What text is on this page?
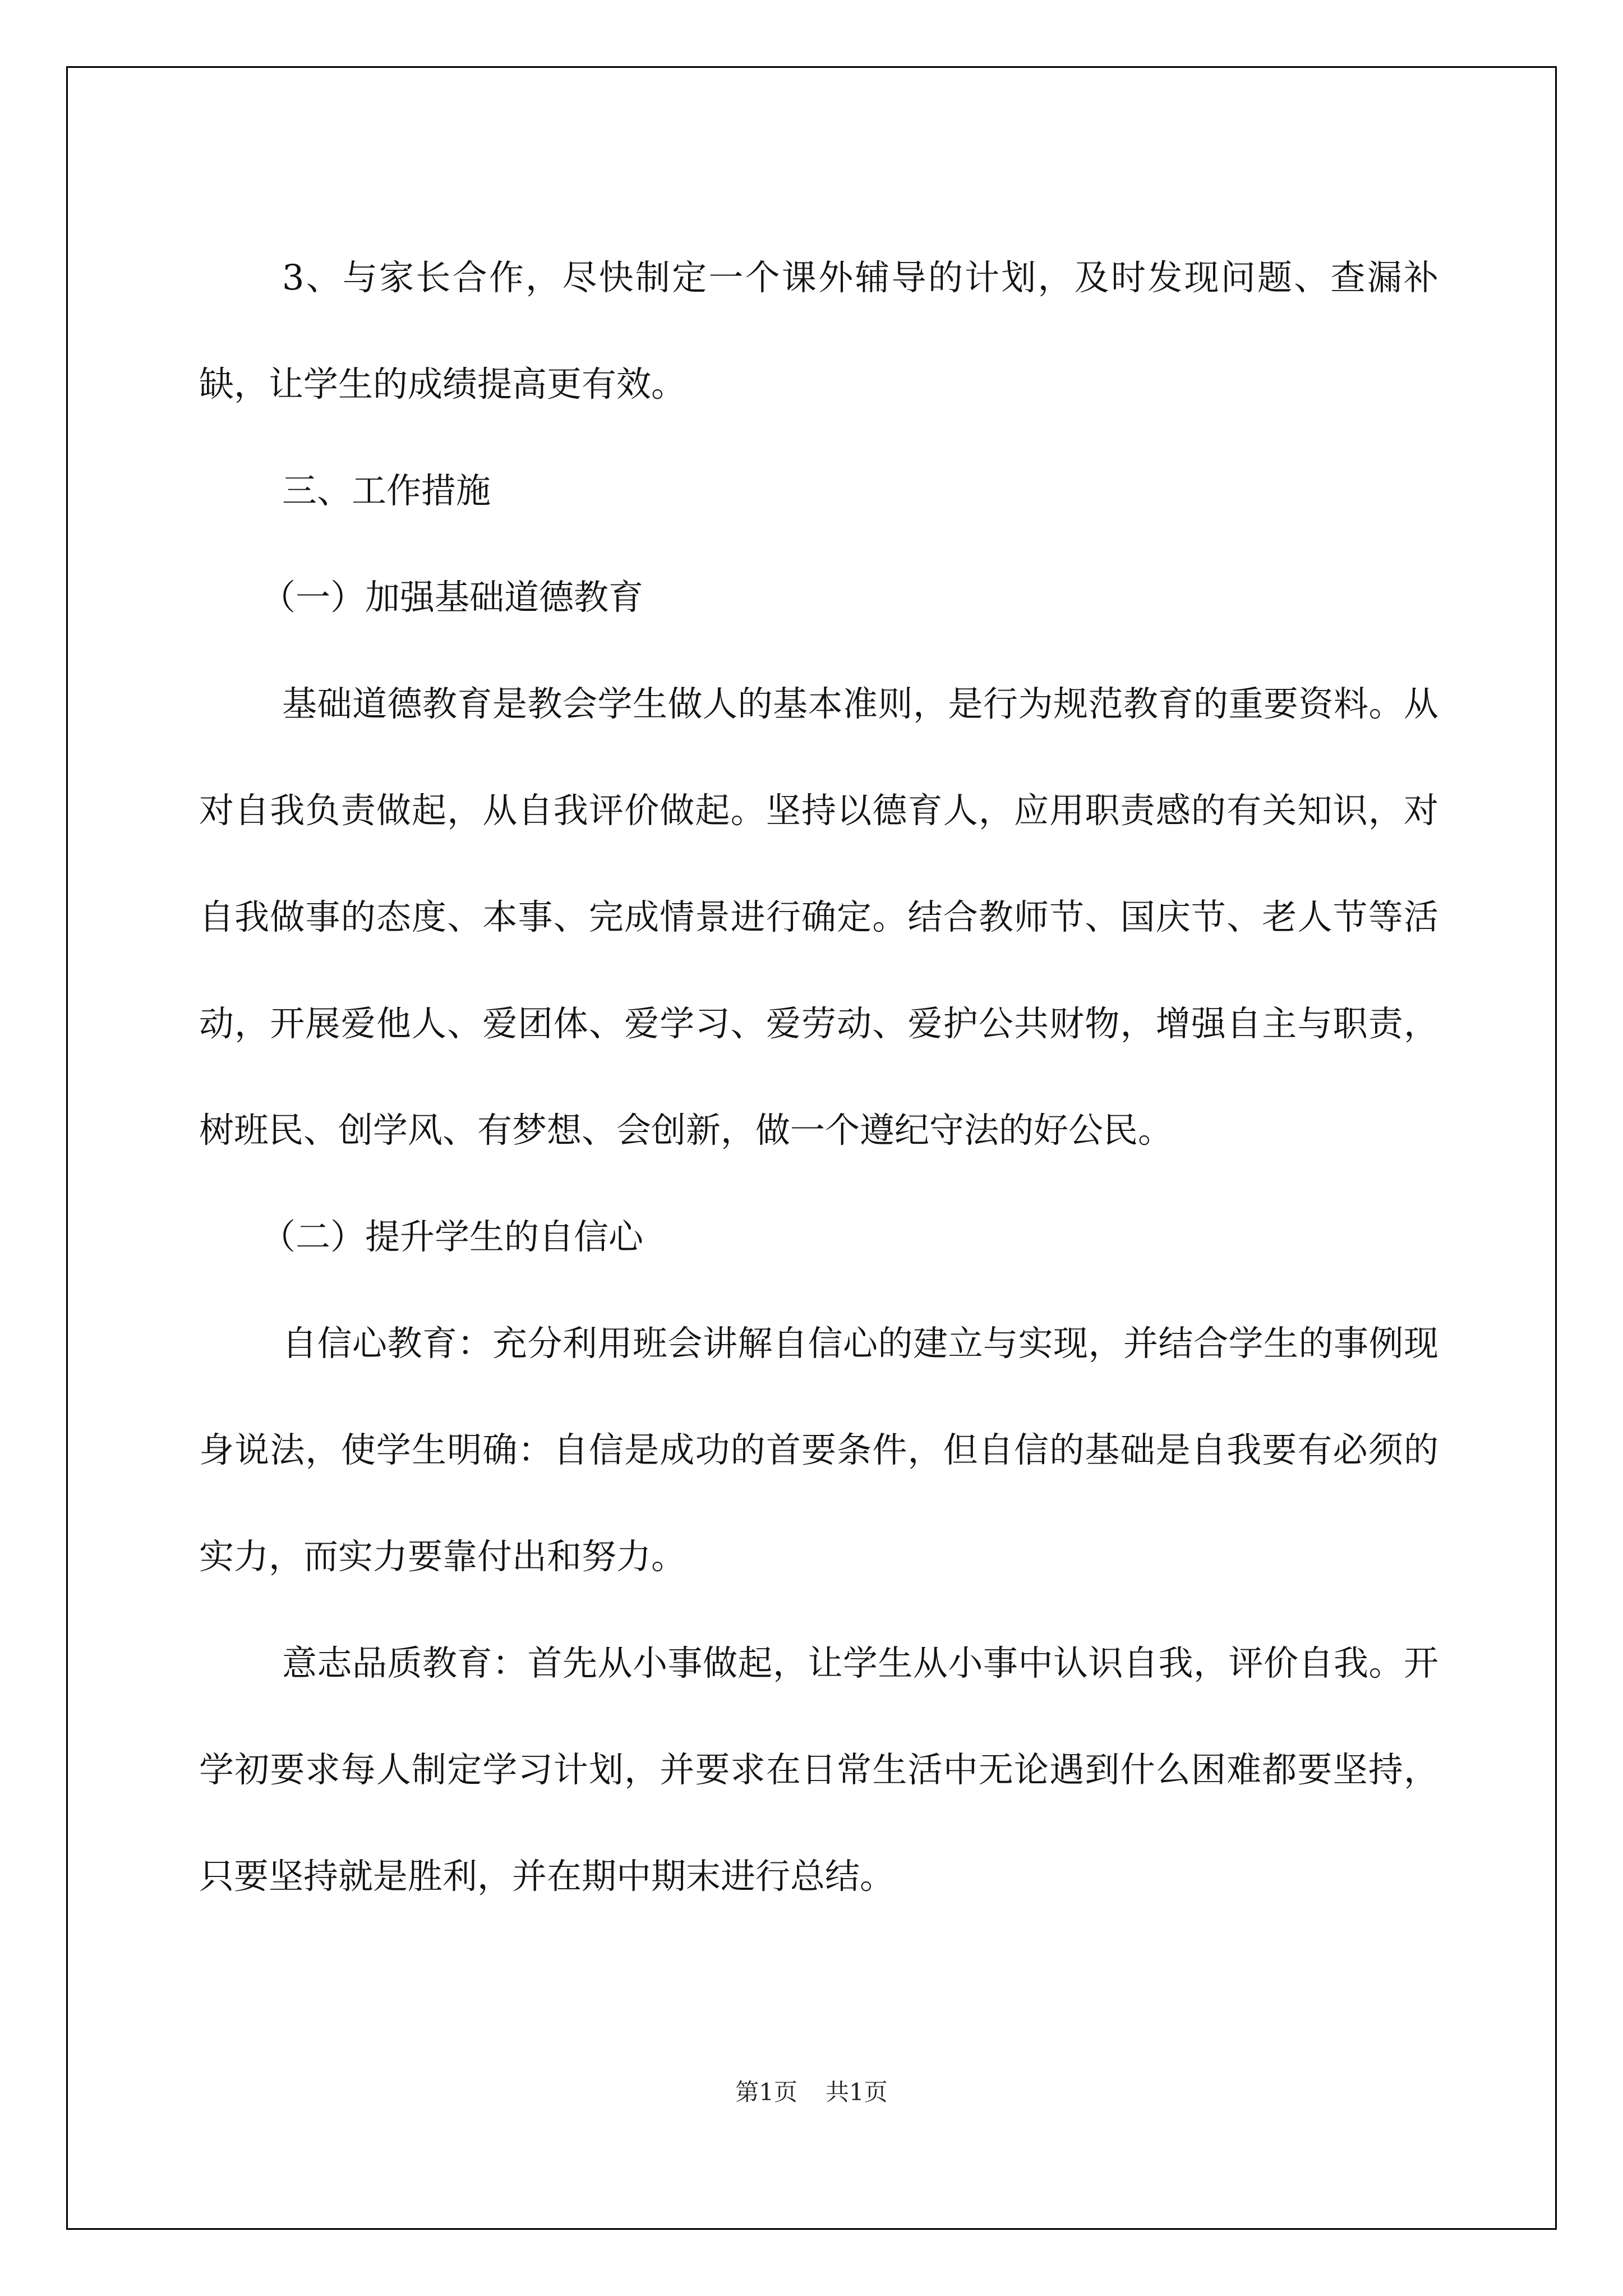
3、与家长合作，尽快制定一个课外辅导的计划，及时发现问题、查漏补缺，让学生的成绩提高更有效。

三、工作措施

（一）加强基础道德教育

基础道德教育是教会学生做人的基本准则，是行为规范教育的重要资料。从对自我负责做起，从自我评价做起。坚持以德育人，应用职责感的有关知识，对自我做事的态度、本事、完成情景进行确定。结合教师节、国庆节、老人节等活动，开展爱他人、爱团体、爱学习、爱劳动、爱护公共财物，增强自主与职责，树班民、创学风、有梦想、会创新，做一个遵纪守法的好公民。

（二）提升学生的自信心

自信心教育：充分利用班会讲解自信心的建立与实现，并结合学生的事例现身说法，使学生明确：自信是成功的首要条件，但自信的基础是自我要有必须的实力，而实力要靠付出和努力。

意志品质教育：首先从小事做起，让学生从小事中认识自我，评价自我。开学初要求每人制定学习计划，并要求在日常生活中无论遇到什么困难都要坚持，只要坚持就是胜利，并在期中期末进行总结。

第1页 共1页
